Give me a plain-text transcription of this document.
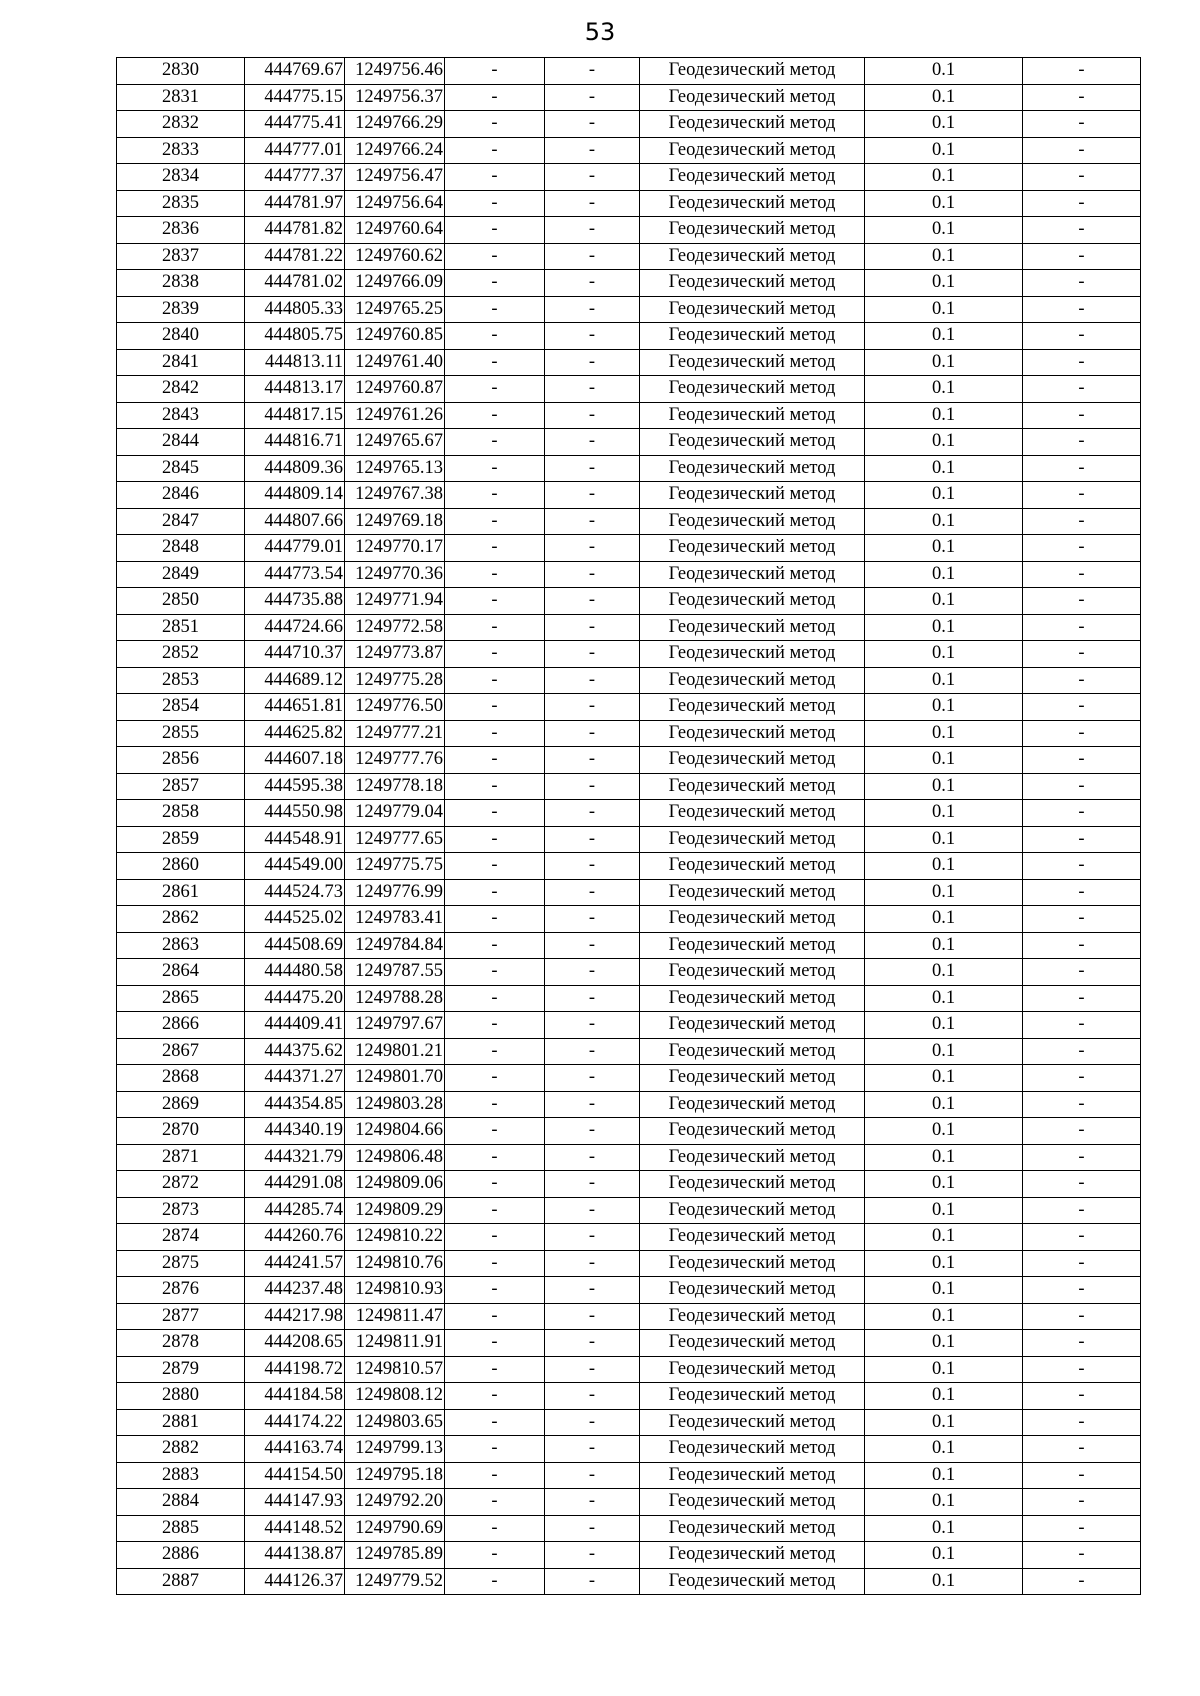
53
2830	444769.67	1249756.46	-	-	Геодезический метод	0.1	-
2831	444775.15	1249756.37	-	-	Геодезический метод	0.1	-
2832	444775.41	1249766.29	-	-	Геодезический метод	0.1	-
2833	444777.01	1249766.24	-	-	Геодезический метод	0.1	-
2834	444777.37	1249756.47	-	-	Геодезический метод	0.1	-
2835	444781.97	1249756.64	-	-	Геодезический метод	0.1	-
2836	444781.82	1249760.64	-	-	Геодезический метод	0.1	-
2837	444781.22	1249760.62	-	-	Геодезический метод	0.1	-
2838	444781.02	1249766.09	-	-	Геодезический метод	0.1	-
2839	444805.33	1249765.25	-	-	Геодезический метод	0.1	-
2840	444805.75	1249760.85	-	-	Геодезический метод	0.1	-
2841	444813.11	1249761.40	-	-	Геодезический метод	0.1	-
2842	444813.17	1249760.87	-	-	Геодезический метод	0.1	-
2843	444817.15	1249761.26	-	-	Геодезический метод	0.1	-
2844	444816.71	1249765.67	-	-	Геодезический метод	0.1	-
2845	444809.36	1249765.13	-	-	Геодезический метод	0.1	-
2846	444809.14	1249767.38	-	-	Геодезический метод	0.1	-
2847	444807.66	1249769.18	-	-	Геодезический метод	0.1	-
2848	444779.01	1249770.17	-	-	Геодезический метод	0.1	-
2849	444773.54	1249770.36	-	-	Геодезический метод	0.1	-
2850	444735.88	1249771.94	-	-	Геодезический метод	0.1	-
2851	444724.66	1249772.58	-	-	Геодезический метод	0.1	-
2852	444710.37	1249773.87	-	-	Геодезический метод	0.1	-
2853	444689.12	1249775.28	-	-	Геодезический метод	0.1	-
2854	444651.81	1249776.50	-	-	Геодезический метод	0.1	-
2855	444625.82	1249777.21	-	-	Геодезический метод	0.1	-
2856	444607.18	1249777.76	-	-	Геодезический метод	0.1	-
2857	444595.38	1249778.18	-	-	Геодезический метод	0.1	-
2858	444550.98	1249779.04	-	-	Геодезический метод	0.1	-
2859	444548.91	1249777.65	-	-	Геодезический метод	0.1	-
2860	444549.00	1249775.75	-	-	Геодезический метод	0.1	-
2861	444524.73	1249776.99	-	-	Геодезический метод	0.1	-
2862	444525.02	1249783.41	-	-	Геодезический метод	0.1	-
2863	444508.69	1249784.84	-	-	Геодезический метод	0.1	-
2864	444480.58	1249787.55	-	-	Геодезический метод	0.1	-
2865	444475.20	1249788.28	-	-	Геодезический метод	0.1	-
2866	444409.41	1249797.67	-	-	Геодезический метод	0.1	-
2867	444375.62	1249801.21	-	-	Геодезический метод	0.1	-
2868	444371.27	1249801.70	-	-	Геодезический метод	0.1	-
2869	444354.85	1249803.28	-	-	Геодезический метод	0.1	-
2870	444340.19	1249804.66	-	-	Геодезический метод	0.1	-
2871	444321.79	1249806.48	-	-	Геодезический метод	0.1	-
2872	444291.08	1249809.06	-	-	Геодезический метод	0.1	-
2873	444285.74	1249809.29	-	-	Геодезический метод	0.1	-
2874	444260.76	1249810.22	-	-	Геодезический метод	0.1	-
2875	444241.57	1249810.76	-	-	Геодезический метод	0.1	-
2876	444237.48	1249810.93	-	-	Геодезический метод	0.1	-
2877	444217.98	1249811.47	-	-	Геодезический метод	0.1	-
2878	444208.65	1249811.91	-	-	Геодезический метод	0.1	-
2879	444198.72	1249810.57	-	-	Геодезический метод	0.1	-
2880	444184.58	1249808.12	-	-	Геодезический метод	0.1	-
2881	444174.22	1249803.65	-	-	Геодезический метод	0.1	-
2882	444163.74	1249799.13	-	-	Геодезический метод	0.1	-
2883	444154.50	1249795.18	-	-	Геодезический метод	0.1	-
2884	444147.93	1249792.20	-	-	Геодезический метод	0.1	-
2885	444148.52	1249790.69	-	-	Геодезический метод	0.1	-
2886	444138.87	1249785.89	-	-	Геодезический метод	0.1	-
2887	444126.37	1249779.52	-	-	Геодезический метод	0.1	-
